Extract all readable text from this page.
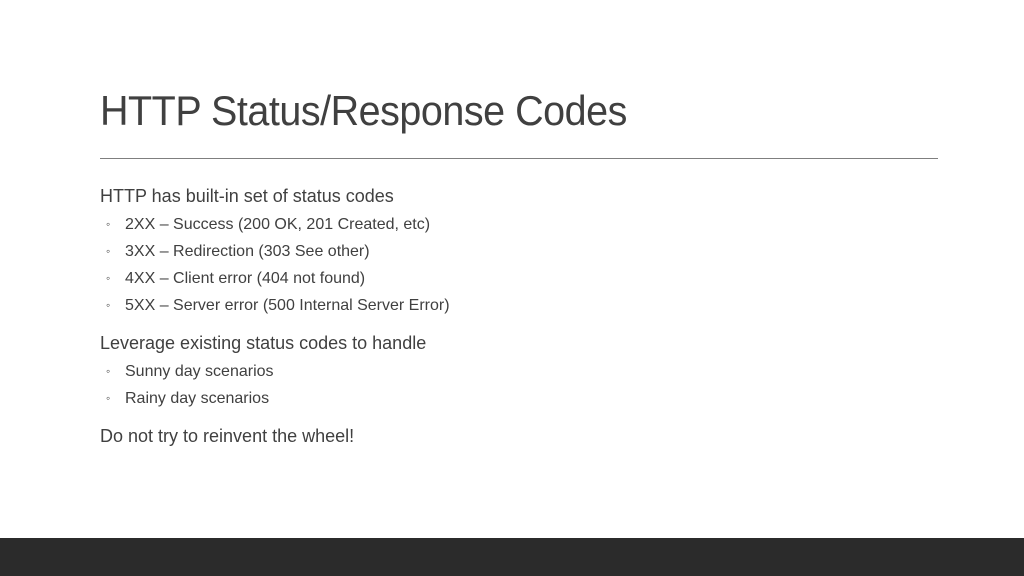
HTTP Status/Response Codes
HTTP has built-in set of status codes
◦ 2XX – Success (200 OK, 201 Created, etc)
◦ 3XX – Redirection (303 See other)
◦ 4XX – Client error (404 not found)
◦ 5XX – Server error (500 Internal Server Error)
Leverage existing status codes to handle
◦ Sunny day scenarios
◦ Rainy day scenarios
Do not try to reinvent the wheel!
